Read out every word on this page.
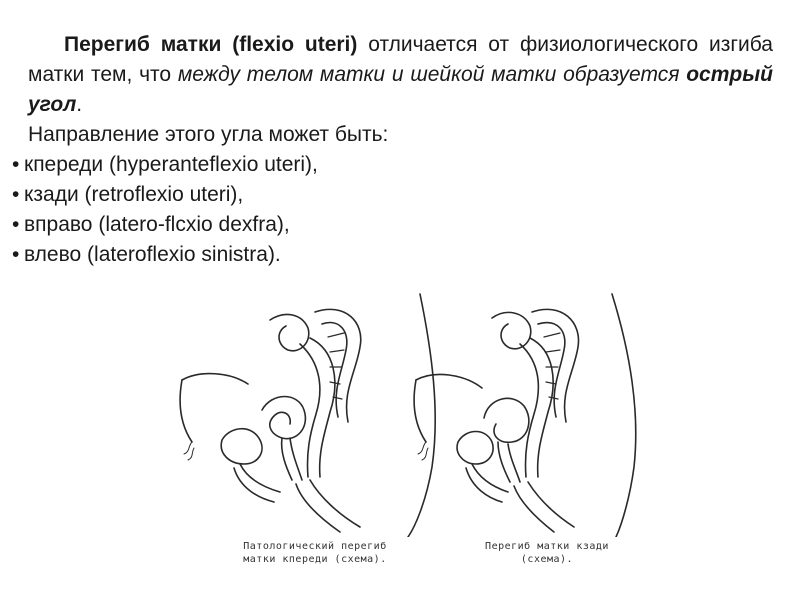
Перегиб матки (flexio uteri) отличается от физиологического изгиба матки тем, что между телом матки и шейкой матки образуется острый угол.

Направление этого угла может быть:

• кпереди (hyperanteflexio uteri),
• кзади (retroflexio uteri),
• вправо (latero-flcxio dexfra),
• влево (lateroflexio sinistra).
Патологический перегиб
матки кпереди (схема).
Перегиб матки кзади
(схема).
